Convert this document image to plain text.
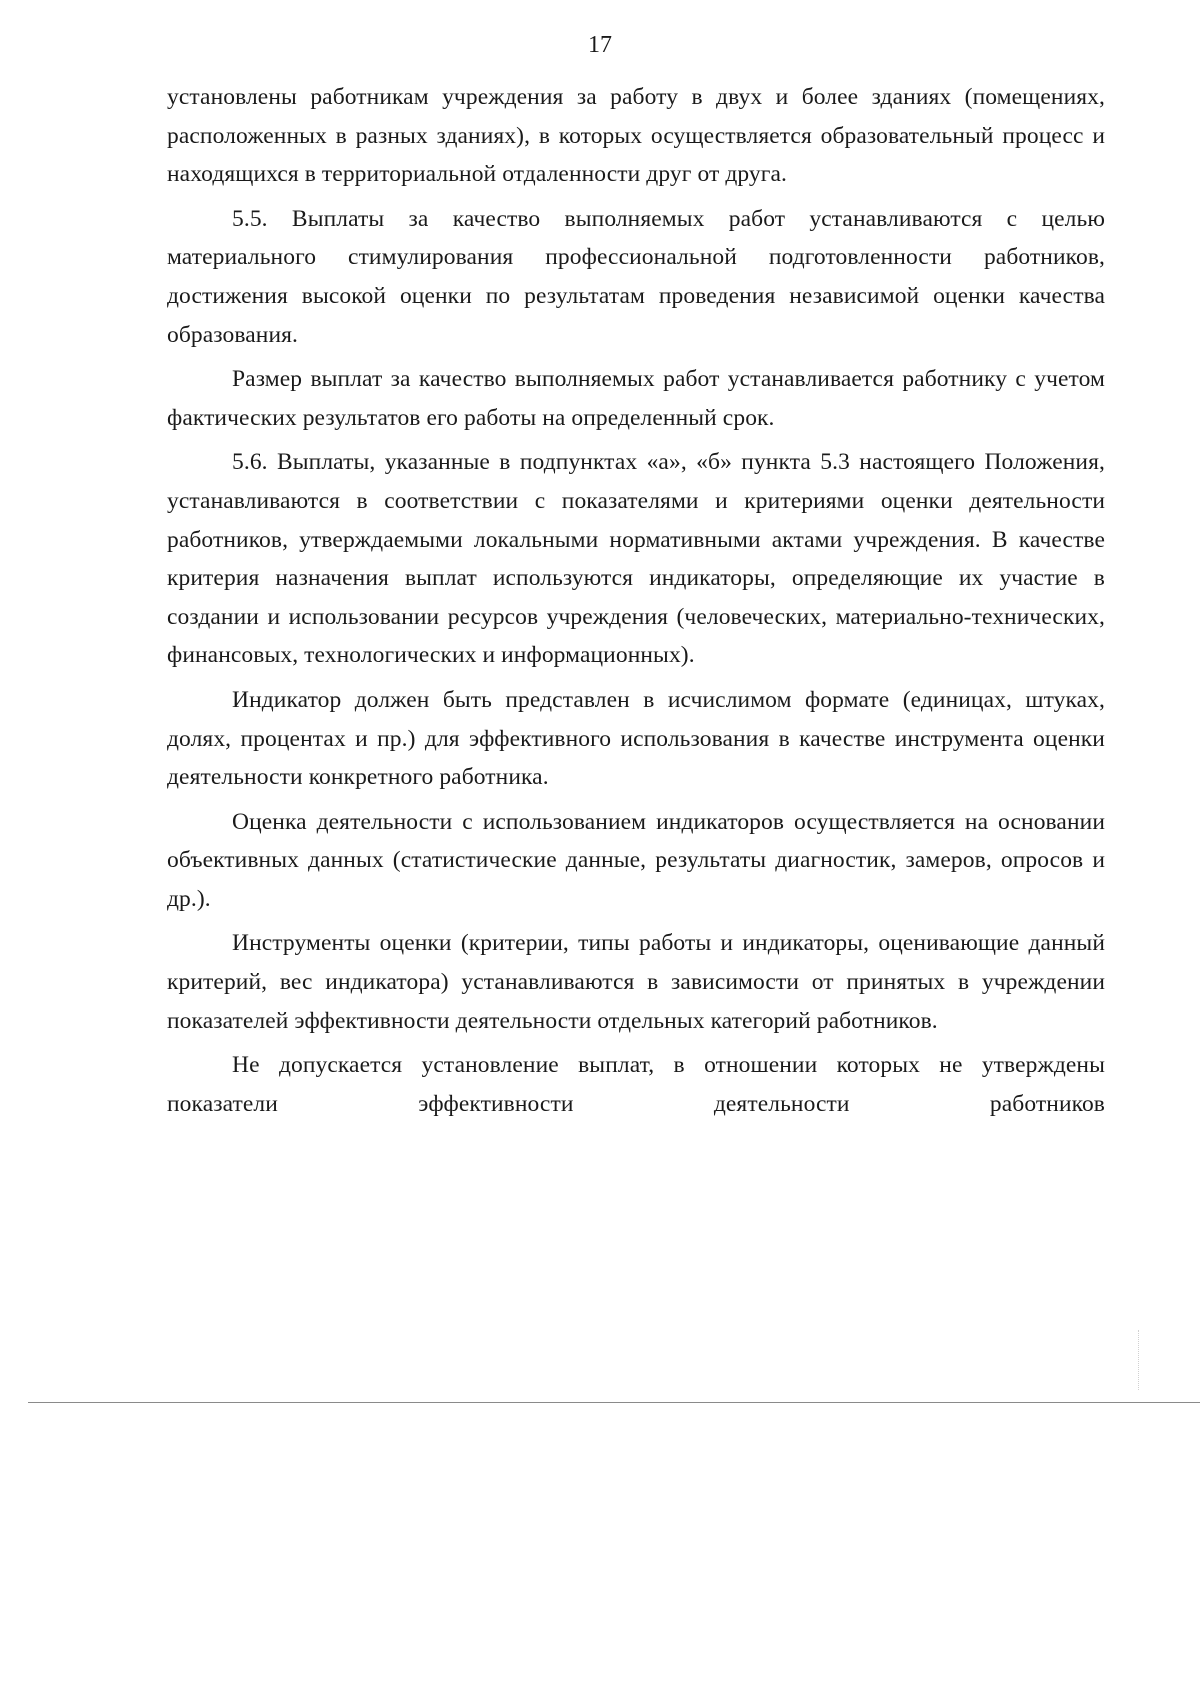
17

установлены работникам учреждения за работу в двух и более зданиях (помещениях, расположенных в разных зданиях), в которых осуществляется образовательный процесс и находящихся в территориальной отдаленности друг от друга.

5.5. Выплаты за качество выполняемых работ устанавливаются с целью материального стимулирования профессиональной подготовленности работников, достижения высокой оценки по результатам проведения независимой оценки качества образования.

Размер выплат за качество выполняемых работ устанавливается работнику с учетом фактических результатов его работы на определенный срок.

5.6. Выплаты, указанные в подпунктах «а», «б» пункта 5.3 настоящего Положения, устанавливаются в соответствии с показателями и критериями оценки деятельности работников, утверждаемыми локальными нормативными актами учреждения. В качестве критерия назначения выплат используются индикаторы, определяющие их участие в создании и использовании ресурсов учреждения (человеческих, материально-технических, финансовых, технологических и информационных).

Индикатор должен быть представлен в исчислимом формате (единицах, штуках, долях, процентах и пр.) для эффективного использования в качестве инструмента оценки деятельности конкретного работника.

Оценка деятельности с использованием индикаторов осуществляется на основании объективных данных (статистические данные, результаты диагностик, замеров, опросов и др.).

Инструменты оценки (критерии, типы работы и индикаторы, оценивающие данный критерий, вес индикатора) устанавливаются в зависимости от принятых в учреждении показателей эффективности деятельности отдельных категорий работников.

Не допускается установление выплат, в отношении которых не утверждены показатели эффективности деятельности работников
